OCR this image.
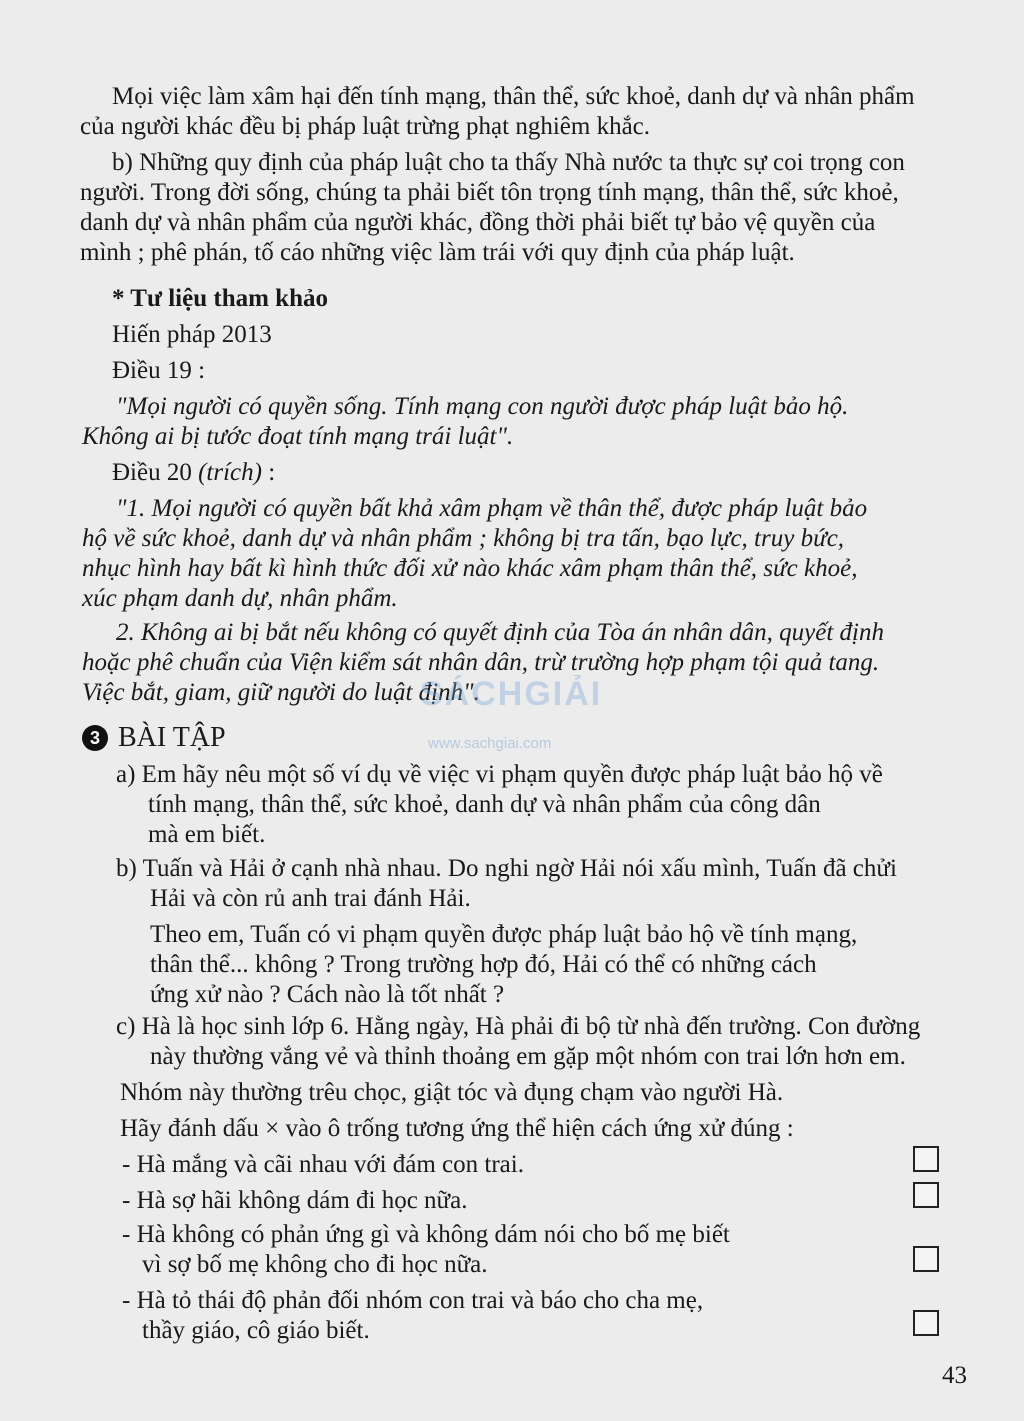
Mọi việc làm xâm hại đến tính mạng, thân thể, sức khoẻ, danh dự và nhân phẩm

của người khác đều bị pháp luật trừng phạt nghiêm khắc.

b) Những quy định của pháp luật cho ta thấy Nhà nước ta thực sự coi trọng con

người. Trong đời sống, chúng ta phải biết tôn trọng tính mạng, thân thể, sức khoẻ,

danh dự và nhân phẩm của người khác, đồng thời phải biết tự bảo vệ quyền của

mình ; phê phán, tố cáo những việc làm trái với quy định của pháp luật.

* Tư liệu tham khảo

Hiến pháp 2013

Điều 19 :

"Mọi người có quyền sống. Tính mạng con người được pháp luật bảo hộ.

Không ai bị tước đoạt tính mạng trái luật".

Điều 20 (trích) :

"1. Mọi người có quyền bất khả xâm phạm về thân thể, được pháp luật bảo

hộ về sức khoẻ, danh dự và nhân phẩm ; không bị tra tấn, bạo lực, truy bức,

nhục hình hay bất kì hình thức đối xử nào khác xâm phạm thân thể, sức khoẻ,

xúc phạm danh dự, nhân phẩm.

2. Không ai bị bắt nếu không có quyết định của Tòa án nhân dân, quyết định

hoặc phê chuẩn của Viện kiểm sát nhân dân, trừ trường hợp phạm tội quả tang.

Việc bắt, giam, giữ người do luật định".

SÁCHGIẢI
www.sachgiai.com
3 BÀI TẬP

a) Em hãy nêu một số ví dụ về việc vi phạm quyền được pháp luật bảo hộ về

tính mạng, thân thể, sức khoẻ, danh dự và nhân phẩm của công dân

mà em biết.

b) Tuấn và Hải ở cạnh nhà nhau. Do nghi ngờ Hải nói xấu mình, Tuấn đã chửi

Hải và còn rủ anh trai đánh Hải.

Theo em, Tuấn có vi phạm quyền được pháp luật bảo hộ về tính mạng,

thân thể... không ? Trong trường hợp đó, Hải có thể có những cách

ứng xử nào ? Cách nào là tốt nhất ?

c) Hà là học sinh lớp 6. Hằng ngày, Hà phải đi bộ từ nhà đến trường. Con đường

này thường vắng vẻ và thỉnh thoảng em gặp một nhóm con trai lớn hơn em.

Nhóm này thường trêu chọc, giật tóc và đụng chạm vào người Hà.

Hãy đánh dấu × vào ô trống tương ứng thể hiện cách ứng xử đúng :

- Hà mắng và cãi nhau với đám con trai.

- Hà sợ hãi không dám đi học nữa.

- Hà không có phản ứng gì và không dám nói cho bố mẹ biết

vì sợ bố mẹ không cho đi học nữa.

- Hà tỏ thái độ phản đối nhóm con trai và báo cho cha mẹ,

thầy giáo, cô giáo biết.

43
